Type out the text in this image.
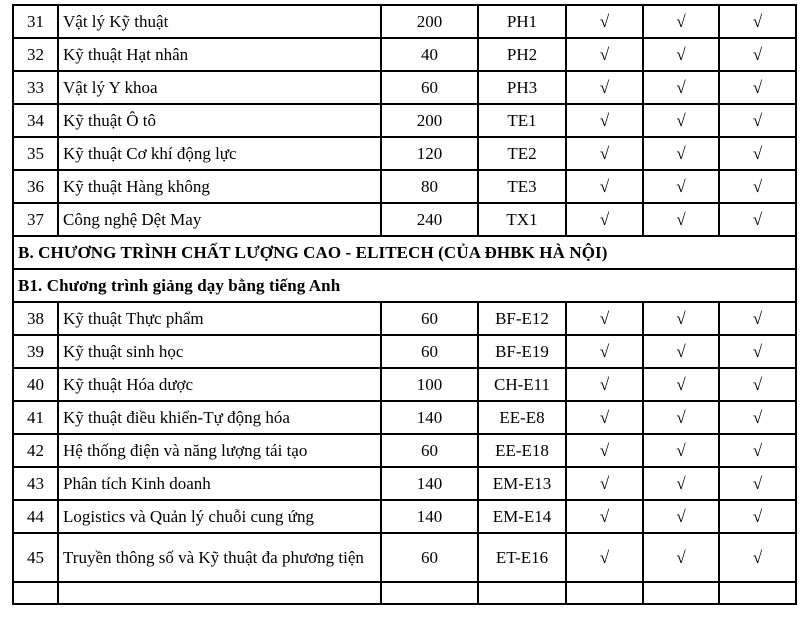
31	Vật lý Kỹ thuật	200	PH1	√	√	√
32	Kỹ thuật Hạt nhân	40	PH2	√	√	√
33	Vật lý Y khoa	60	PH3	√	√	√
34	Kỹ thuật Ô tô	200	TE1	√	√	√
35	Kỹ thuật Cơ khí động lực	120	TE2	√	√	√
36	Kỹ thuật Hàng không	80	TE3	√	√	√
37	Công nghệ Dệt May	240	TX1	√	√	√
B. CHƯƠNG TRÌNH CHẤT LƯỢNG CAO - ELITECH (CỦA ĐHBK HÀ NỘI)						
B1. Chương trình giảng dạy bằng tiếng Anh						
38	Kỹ thuật Thực phẩm	60	BF-E12	√	√	√
39	Kỹ thuật sinh học	60	BF-E19	√	√	√
40	Kỹ thuật Hóa dược	100	CH-E11	√	√	√
41	Kỹ thuật điều khiển-Tự động hóa	140	EE-E8	√	√	√
42	Hệ thống điện và năng lượng tái tạo	60	EE-E18	√	√	√
43	Phân tích Kinh doanh	140	EM-E13	√	√	√
44	Logistics và Quản lý chuỗi cung ứng	140	EM-E14	√	√	√
45	Truyền thông số và Kỹ thuật đa phương tiện	60	ET-E16	√	√	√
